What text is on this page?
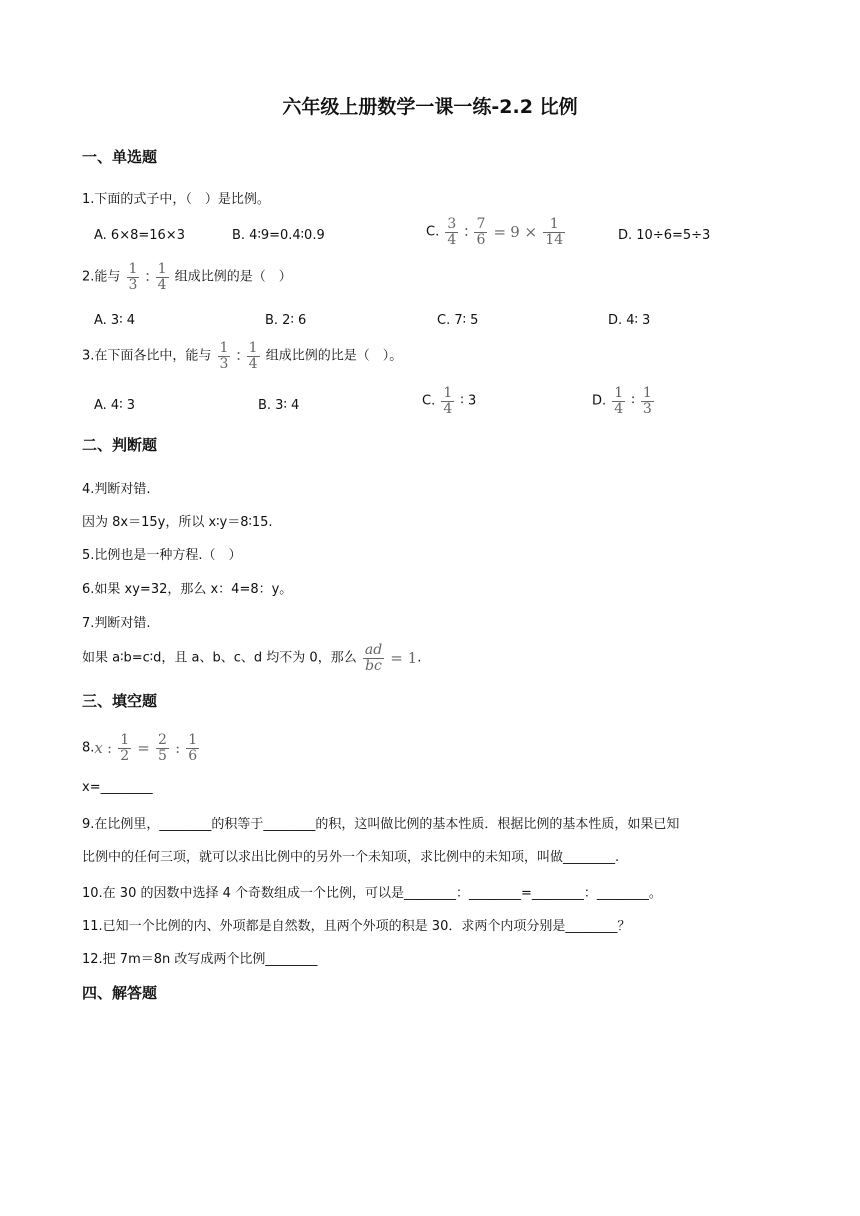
六年级上册数学一课一练-2.2 比例
一、单选题
1.下面的式子中，（　）是比例。
A. 6×8=16×3	B. 4∶9=0.4∶0.9	C. $\frac{3}{4}$ ∶ $\frac{7}{6} = 9 \times \frac{1}{14}$	D. 10÷6=5÷3
2.能与 $\frac{1}{3}$ ∶ $\frac{1}{4}$ 组成比例的是（　）
A. 3∶ 4	B. 2∶ 6	C. 7∶ 5	D. 4∶ 3
3.在下面各比中，能与 $\frac{1}{3}$ ∶ $\frac{1}{4}$ 组成比例的比是（　）。
A. 4∶ 3	B. 3∶ 4	C. $\frac{1}{4}$ ∶ 3	D. $\frac{1}{4}$ ∶ $\frac{1}{3}$
二、判断题
4.判断对错.
因为 8x＝15y，所以 x∶y＝8∶15.
5.比例也是一种方程.（　）
6.如果 xy=32，那么 x：4=8：y。
7.判断对错.
如果 a∶b=c∶d，且 a、b、c、d 均不为 0，那么 $\frac{ad}{bc} = 1$.
三、填空题
8.x : $\frac{1}{2} = \frac{2}{5}$ : $\frac{1}{6}$
x=________
9.在比例里，________的积等于________的积，这叫做比例的基本性质．根据比例的基本性质，如果已知
比例中的任何三项，就可以求出比例中的另外一个未知项，求比例中的未知项，叫做________.
10.在 30 的因数中选择 4 个奇数组成一个比例，可以是________：________=________：________。
11.已知一个比例的内、外项都是自然数，且两个外项的积是 30．求两个内项分别是________？
12.把 7m＝8n 改写成两个比例________
四、解答题
